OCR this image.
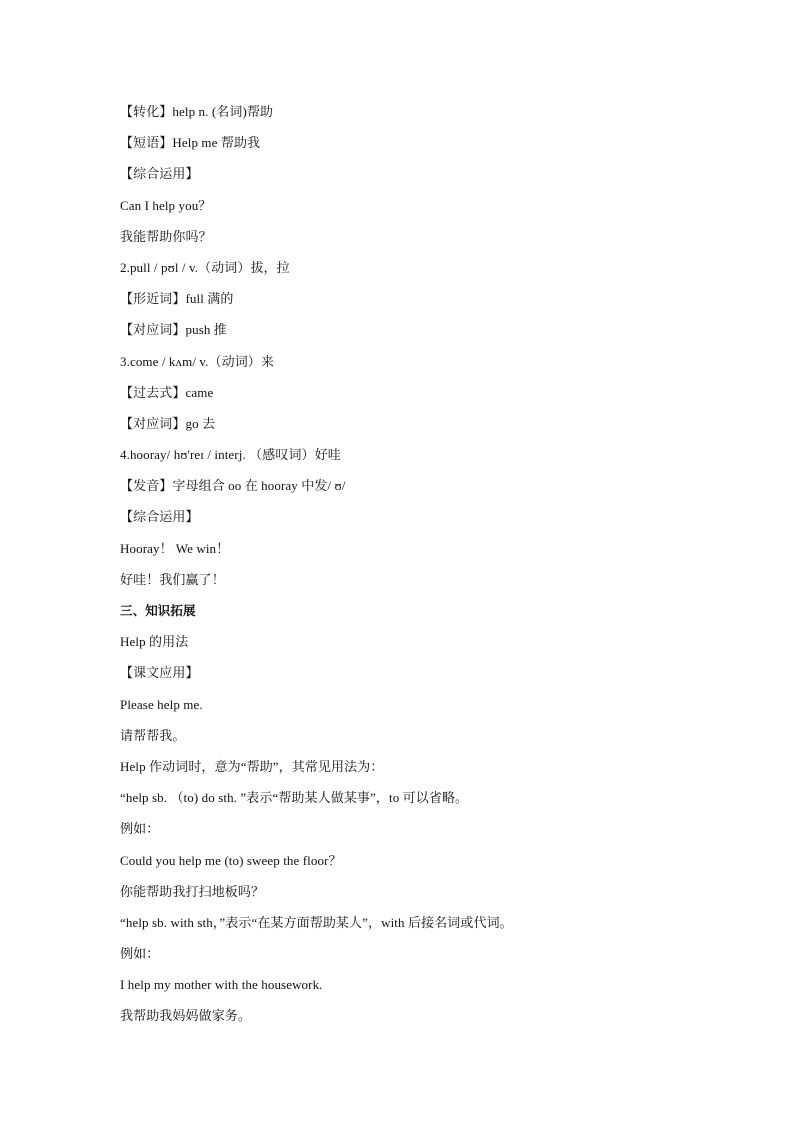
【转化】help n. (名词)帮助
【短语】Help me 帮助我
【综合运用】
Can I help you？
我能帮助你吗？
2.pull / pʊl / v.（动词）拔，拉
【形近词】full 满的
【对应词】push 推
3.come / kʌm/ v.（动词）来
【过去式】came
【对应词】go 去
4.hooray/ hʊ'reɪ / interj. （感叹词）好哇
【发音】字母组合 oo 在 hooray 中发/ ʊ/
【综合运用】
Hooray！ We win！
好哇！我们赢了！
三、知识拓展
Help 的用法
【课文应用】
Please help me.
请帮帮我。
Help 作动词时，意为“帮助”，其常见用法为：
“help sb. （to) do sth. ”表示“帮助某人做某事”，to 可以省略。
例如：
Could you help me (to) sweep the floor？
你能帮助我打扫地板吗？
“help sb. with sth，”表示“在某方面帮助某人”，with 后接名词或代词。
例如：
I help my mother with the housework.
我帮助我妈妈做家务。
